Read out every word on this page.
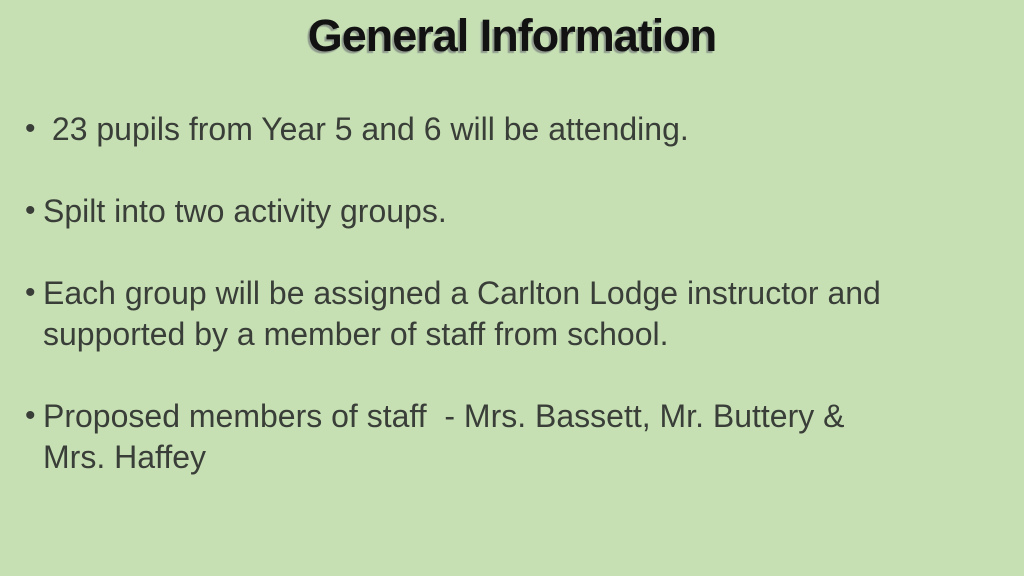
General Information
• 23 pupils from Year 5 and 6 will be attending.
• Spilt into two activity groups.
• Each group will be assigned a Carlton Lodge instructor and
supported by a member of staff from school.
• Proposed members of staff  - Mrs. Bassett, Mr. Buttery &
Mrs. Haffey
